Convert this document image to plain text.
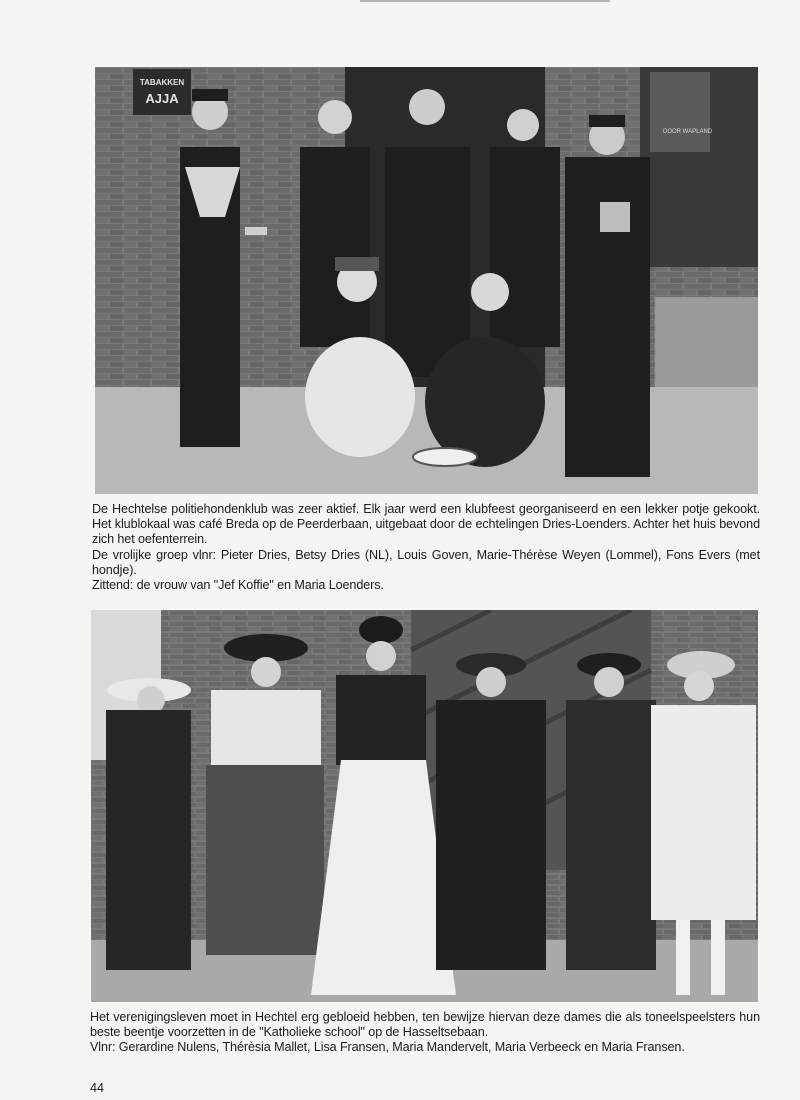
TABAKKEN
AJJA
DOOR WAPLAND

De Hechtelse politiehondenklub was zeer aktief. Elk jaar werd een klubfeest georganiseerd en een lekker potje gekookt. Het klublokaal was café Breda op de Peerderbaan, uitgebaat door de echtelingen Dries-Loenders. Achter het huis bevond zich het oefenterrein.

De vrolijke groep vlnr: Pieter Dries, Betsy Dries (NL), Louis Goven, Marie-Thérèse Weyen (Lommel), Fons Evers (met hondje).

Zittend: de vrouw van "Jef Koffie" en Maria Loenders.

Het verenigingsleven moet in Hechtel erg gebloeid hebben, ten bewijze hiervan deze dames die als toneelspeelsters hun beste beentje voorzetten in de "Katholieke school" op de Hasseltsebaan.

Vlnr: Gerardine Nulens, Thérèsia Mallet, Lisa Fransen, Maria Mandervelt, Maria Verbeeck en Maria Fransen.

44
